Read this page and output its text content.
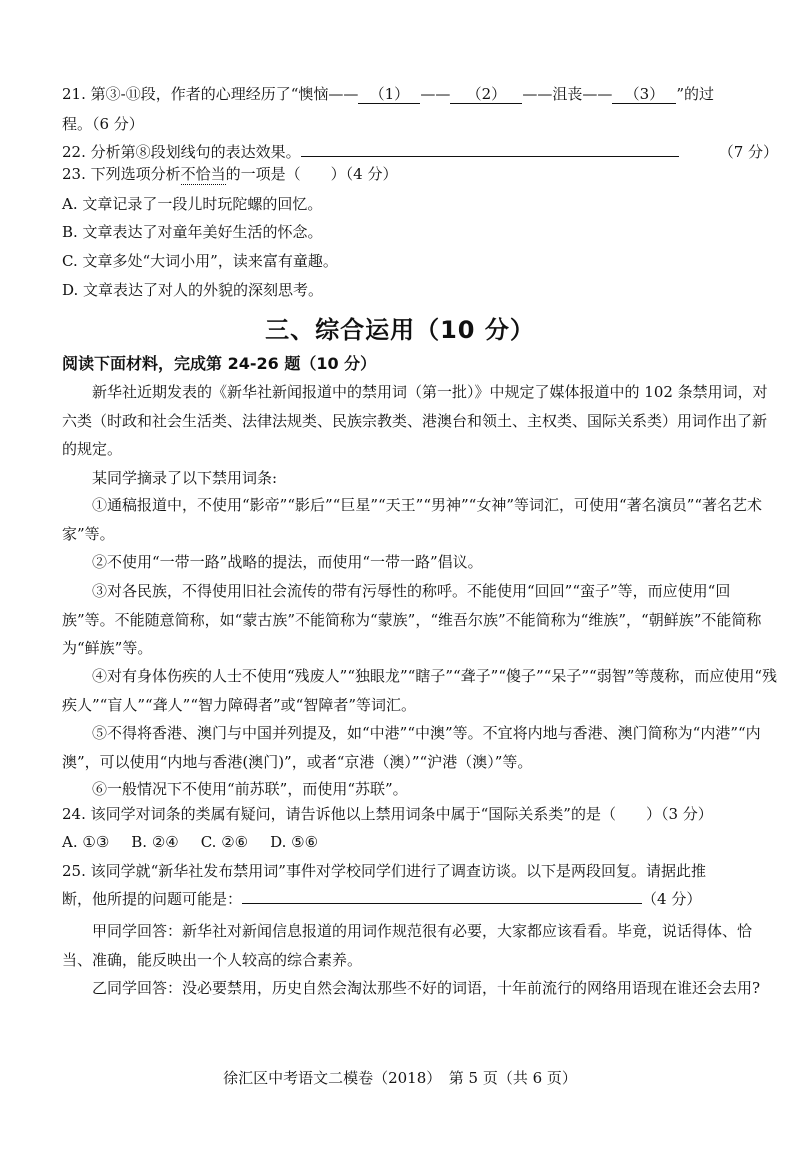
21. 第③-⑪段，作者的心理经历了“懊恼—— （1） —— （2） ——沮丧—— （3） ”的过
程。（6 分）
22. 分析第⑧段划线句的表达效果。	（7 分）
23. 下列选项分析不恰当的一项是（　　）（4 分）
A. 文章记录了一段儿时玩陀螺的回忆。
B. 文章表达了对童年美好生活的怀念。
C. 文章多处“大词小用”，读来富有童趣。
D. 文章表达了对人的外貌的深刻思考。
三、综合运用（10 分）
阅读下面材料，完成第 24-26 题（10 分）
新华社近期发表的《新华社新闻报道中的禁用词（第一批）》中规定了媒体报道中的 102 条禁用词，对六类（时政和社会生活类、法律法规类、民族宗教类、港澳台和领土、主权类、国际关系类）用词作出了新的规定。
某同学摘录了以下禁用词条:
①通稿报道中，不使用“影帝”“影后”“巨星”“天王”“男神”“女神”等词汇，可使用“著名演员”“著名艺术家”等。
②不使用“一带一路”战略的提法，而使用“一带一路”倡议。
③对各民族，不得使用旧社会流传的带有污辱性的称呼。不能使用“回回”“蛮子”等，而应使用“回族”等。不能随意简称，如“蒙古族”不能简称为“蒙族”，“维吾尔族”不能简称为“维族”，“朝鲜族”不能简称为“鲜族”等。
④对有身体伤疾的人士不使用“残废人”“独眼龙”“瞎子”“聋子”“傻子”“呆子”“弱智”等蔑称，而应使用“残疾人”“盲人”“聋人”“智力障碍者”或“智障者”等词汇。
⑤不得将香港、澳门与中国并列提及，如“中港”“中澳”等。不宜将内地与香港、澳门简称为“内港”“内澳”，可以使用“内地与香港(澳门)”，或者“京港（澳）”“沪港（澳）”等。
⑥一般情况下不使用“前苏联”，而使用“苏联”。
24. 该同学对词条的类属有疑问，请告诉他以上禁用词条中属于“国际关系类”的是（　　）（3 分）
A. ①③ B. ②④ C. ②⑥ D. ⑤⑥
25. 该同学就“新华社发布禁用词”事件对学校同学们进行了调查访谈。以下是两段回复。请据此推
断，他所提的问题可能是：	（4 分）
甲同学回答：新华社对新闻信息报道的用词作规范很有必要，大家都应该看看。毕竟，说话得体、恰当、准确，能反映出一个人较高的综合素养。
乙同学回答：没必要禁用，历史自然会淘汰那些不好的词语，十年前流行的网络用语现在谁还会去用?
徐汇区中考语文二模卷（2018）　第 5 页（共 6 页）
